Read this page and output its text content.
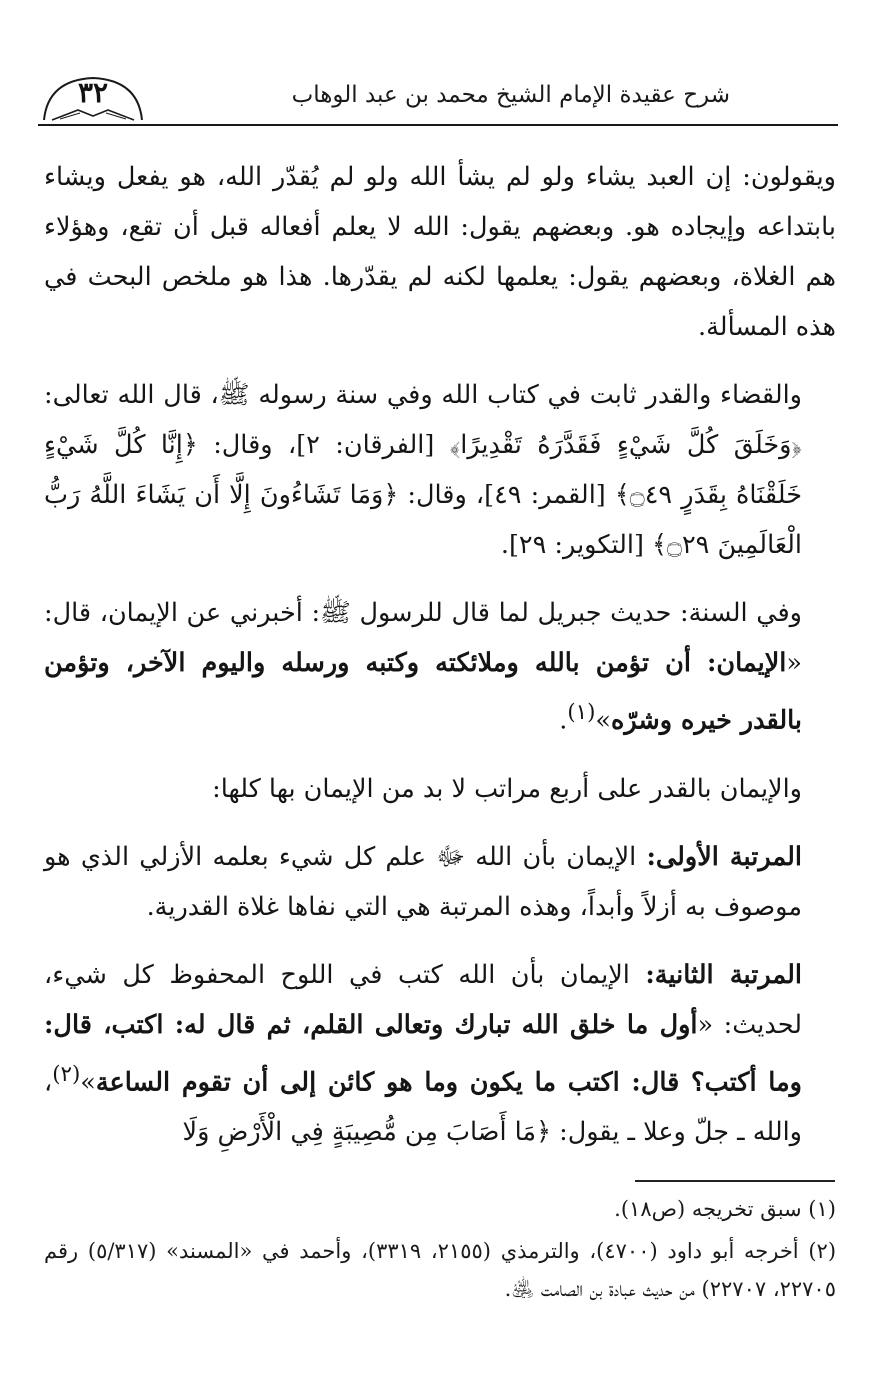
شرح عقيدة الإمام الشيخ محمد بن عبد الوهاب
٣٢

ويقولون: إن العبد يشاء ولو لم يشأ الله ولو لم يُقدّر الله، هو يفعل ويشاء بابتداعه وإيجاده هو. وبعضهم يقول: الله لا يعلم أفعاله قبل أن تقع، وهؤلاء هم الغلاة، وبعضهم يقول: يعلمها لكنه لم يقدّرها. هذا هو ملخص البحث في هذه المسألة.

والقضاء والقدر ثابت في كتاب الله وفي سنة رسوله ﷺ، قال الله تعالى: ﴿وَخَلَقَ كُلَّ شَيْءٍ فَقَدَّرَهُ تَقْدِيرًا﴾ [الفرقان: ٢]، وقال: ﴿إِنَّا كُلَّ شَيْءٍ خَلَقْنَاهُ بِقَدَرٍ ۝٤٩﴾ [القمر: ٤٩]، وقال: ﴿وَمَا تَشَاءُونَ إِلَّا أَن يَشَاءَ اللَّهُ رَبُّ الْعَالَمِينَ ۝٢٩﴾ [التكوير: ٢٩].

وفي السنة: حديث جبريل لما قال للرسول ﷺ: أخبرني عن الإيمان، قال: «الإيمان: أن تؤمن بالله وملائكته وكتبه ورسله واليوم الآخر، وتؤمن بالقدر خيره وشرّه»$^{(١)}$.

والإيمان بالقدر على أربع مراتب لا بد من الإيمان بها كلها:

المرتبة الأولى: الإيمان بأن الله ﷻ علم كل شيء بعلمه الأزلي الذي هو موصوف به أزلاً وأبداً، وهذه المرتبة هي التي نفاها غلاة القدرية.

المرتبة الثانية: الإيمان بأن الله كتب في اللوح المحفوظ كل شيء، لحديث: «أول ما خلق الله تبارك وتعالى القلم، ثم قال له: اكتب، قال: وما أكتب؟ قال: اكتب ما يكون وما هو كائن إلى أن تقوم الساعة»$^{(٢)}$، والله ـ جلّ وعلا ـ يقول: ﴿مَا أَصَابَ مِن مُّصِيبَةٍ فِي الْأَرْضِ وَلَا

(١) سبق تخريجه (ص١٨).

(٢) أخرجه أبو داود (٤٧٠٠)، والترمذي (٢١٥٥، ٣٣١٩)، وأحمد في «المسند» (٥/٣١٧) رقم ٢٢٧٠٥، ٢٢٧٠٧) من حديث عبادة بن الصامت ﵁.
